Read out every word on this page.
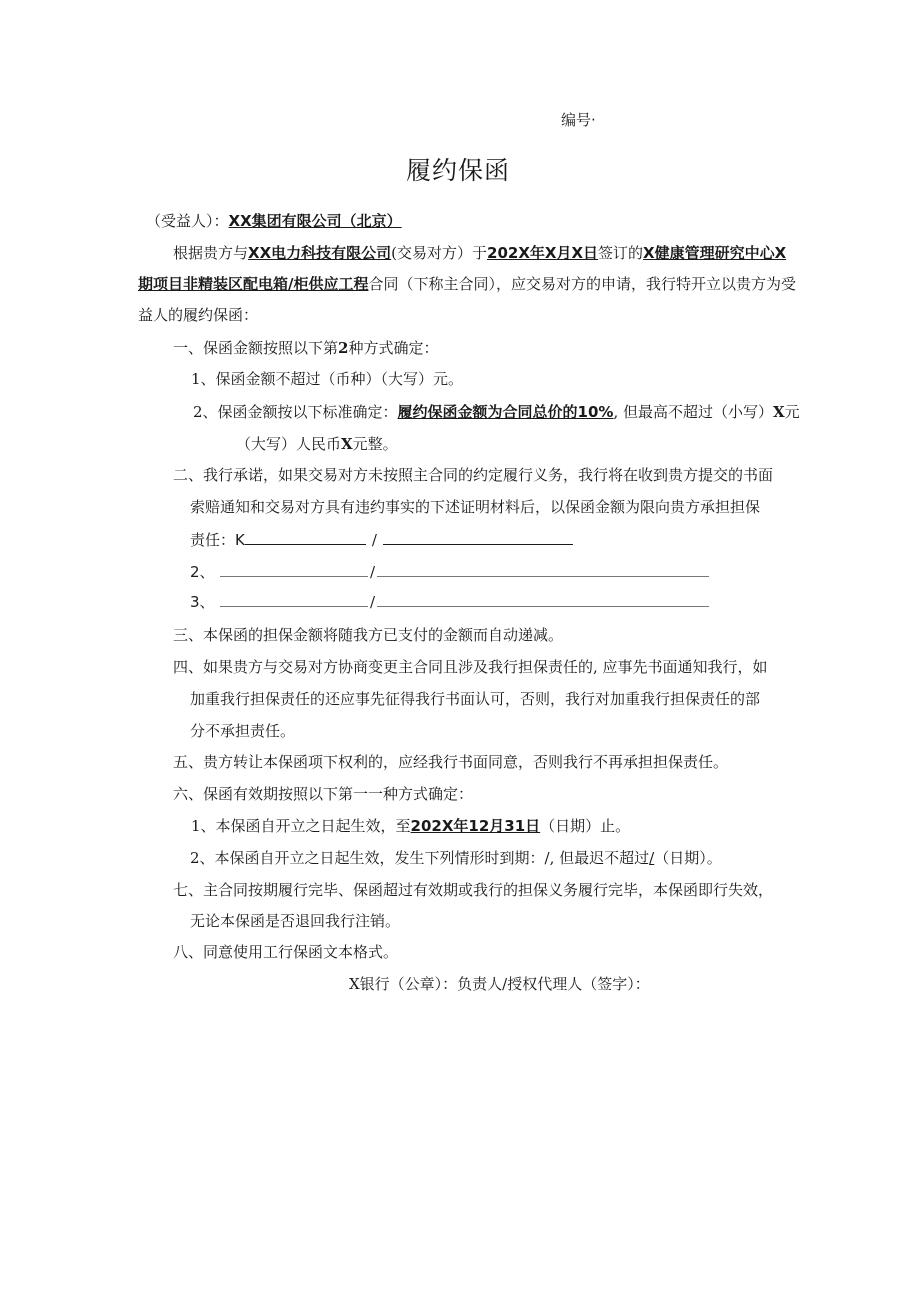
编号·
履约保函
（受益人）：XX集团有限公司（北京）
根据贵方与XX电力科技有限公司(交易对方）于202X年X月X日签订的X健康管理研究中心X
期项目非精装区配电箱/柜供应工程合同（下称主合同），应交易对方的申请，我行特开立以贵方为受
益人的履约保函：
一、保函金额按照以下第2种方式确定：
1、保函金额不超过（币种）（大写）元。
2、保函金额按以下标准确定：履约保函金额为合同总价的10%, 但最高不超过（小写）X元
（大写）人民币X元整。
二、我行承诺，如果交易对方未按照主合同的约定履行义务，我行将在收到贵方提交的书面
索赔通知和交易对方具有违约事实的下述证明材料后，以保函金额为限向贵方承担担保
责任：K	/
2、	/
3、	/
三、本保函的担保金额将随我方已支付的金额而自动递减。
四、如果贵方与交易对方协商变更主合同且涉及我行担保责任的, 应事先书面通知我行，如
加重我行担保责任的还应事先征得我行书面认可，否则，我行对加重我行担保责任的部
分不承担责任。
五、贵方转让本保函项下权利的，应经我行书面同意，否则我行不再承担担保责任。
六、保函有效期按照以下第一一种方式确定：
1、本保函自开立之日起生效，至202X年12月31日（日期）止。
2、本保函自开立之日起生效，发生下列情形时到期：/, 但最迟不超过/（日期）。
七、主合同按期履行完毕、保函超过有效期或我行的担保义务履行完毕，本保函即行失效，
无论本保函是否退回我行注销。
八、同意使用工行保函文本格式。
X银行（公章）：负责人/授权代理人（签字）：
